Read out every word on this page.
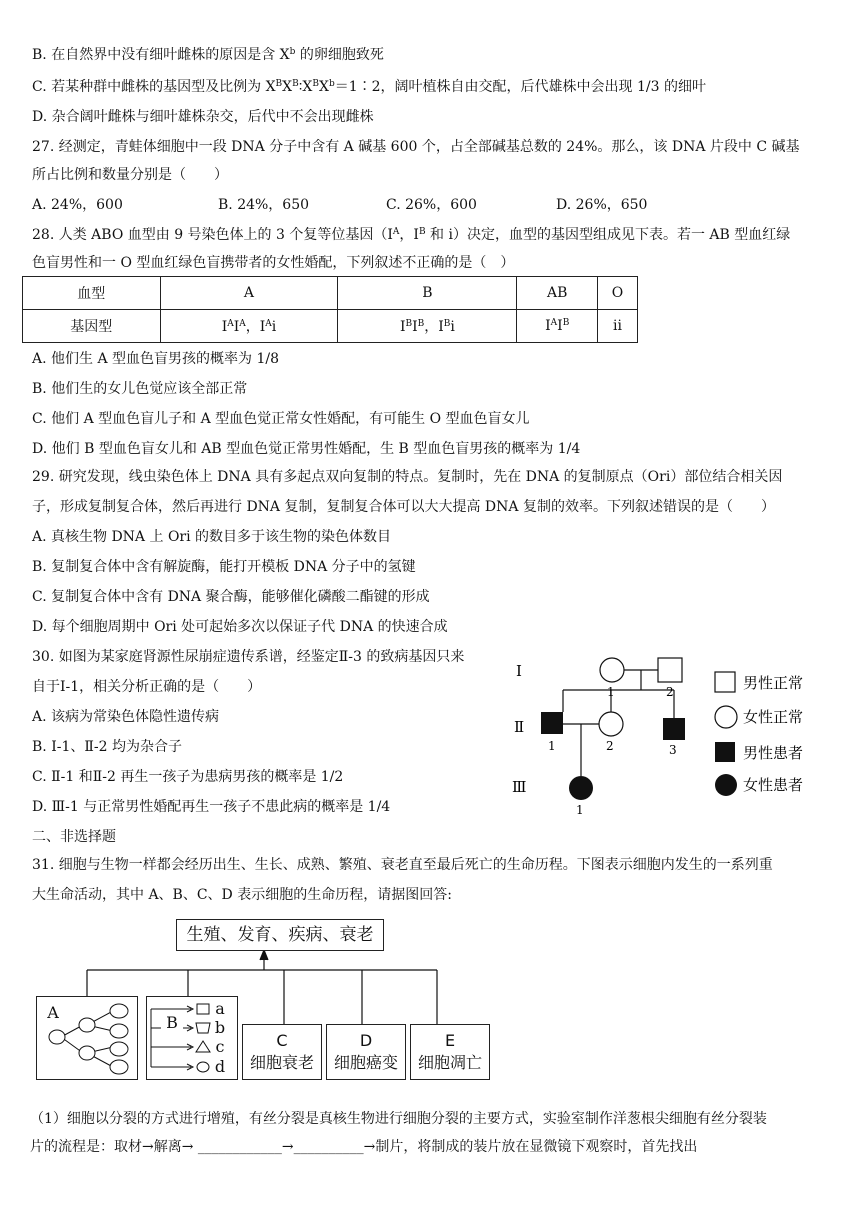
B. 在自然界中没有细叶雌株的原因是含 $X^b$ 的卵细胞致死
C. 若某种群中雌株的基因型及比例为 $X^BX^B∶X^BX^b=1∶2$，阔叶植株自由交配，后代雄株中会出现 1/3 的细叶
D. 杂合阔叶雌株与细叶雄株杂交，后代中不会出现雌株
27. 经测定，青蛙体细胞中一段 DNA 分子中含有 A 碱基 600 个，占全部碱基总数的 24%。那么，该 DNA 片段中 C 碱基
所占比例和数量分别是（　　）
A. 24%，600	B. 24%，650	C. 26%，600	D. 26%，650
28. 人类 ABO 血型由 9 号染色体上的 3 个复等位基因（$I^A$，$I^B$ 和 i）决定，血型的基因型组成见下表。若一 AB 型血红绿
色盲男性和一 O 型血红绿色盲携带者的女性婚配，下列叙述不正确的是（　）
血型	A	B	AB	O
基因型	$I^AI^A$，$I^Ai$	$I^BI^B$，$I^Bi$	$I^AI^B$	ii
A. 他们生 A 型血色盲男孩的概率为 1/8
B. 他们生的女儿色觉应该全部正常
C. 他们 A 型血色盲儿子和 A 型血色觉正常女性婚配，有可能生 O 型血色盲女儿
D. 他们 B 型血色盲女儿和 AB 型血色觉正常男性婚配，生 B 型血色盲男孩的概率为 1/4
29. 研究发现，线虫染色体上 DNA 具有多起点双向复制的特点。复制时，先在 DNA 的复制原点（Ori）部位结合相关因
子，形成复制复合体，然后再进行 DNA 复制，复制复合体可以大大提高 DNA 复制的效率。下列叙述错误的是（　　）
A. 真核生物 DNA 上 Ori 的数目多于该生物的染色体数目
B. 复制复合体中含有解旋酶，能打开模板 DNA 分子中的氢键
C. 复制复合体中含有 DNA 聚合酶，能够催化磷酸二酯键的形成
D. 每个细胞周期中 Ori 处可起始多次以保证子代 DNA 的快速合成
30. 如图为某家庭肾源性尿崩症遗传系谱，经鉴定Ⅱ-3 的致病基因只来
自于Ⅰ-1，相关分析正确的是（　　）
A. 该病为常染色体隐性遗传病
B. Ⅰ-1、Ⅱ-2 均为杂合子
C. Ⅱ-1 和Ⅱ-2 再生一孩子为患病男孩的概率是 1/2
D. Ⅲ-1 与正常男性婚配再生一孩子不患此病的概率是 1/4
Ⅰ
Ⅱ
Ⅲ
1	2
1	2	3
1
男性正常
女性正常
男性患者
女性患者
二、非选择题
31. 细胞与生物一样都会经历出生、生长、成熟、繁殖、衰老直至最后死亡的生命历程。下图表示细胞内发生的一系列重
大生命活动，其中 A、B、C、D 表示细胞的生命历程，请据图回答:
生殖、发育、疾病、衰老
A
B
a
b
c
d
C
细胞衰老
D
细胞癌变
E
细胞凋亡
（1）细胞以分裂的方式进行增殖，有丝分裂是真核生物进行细胞分裂的主要方式，实验室制作洋葱根尖细胞有丝分裂装
片的流程是：取材→解离→ ____________→__________→制片，将制成的装片放在显微镜下观察时，首先找出
